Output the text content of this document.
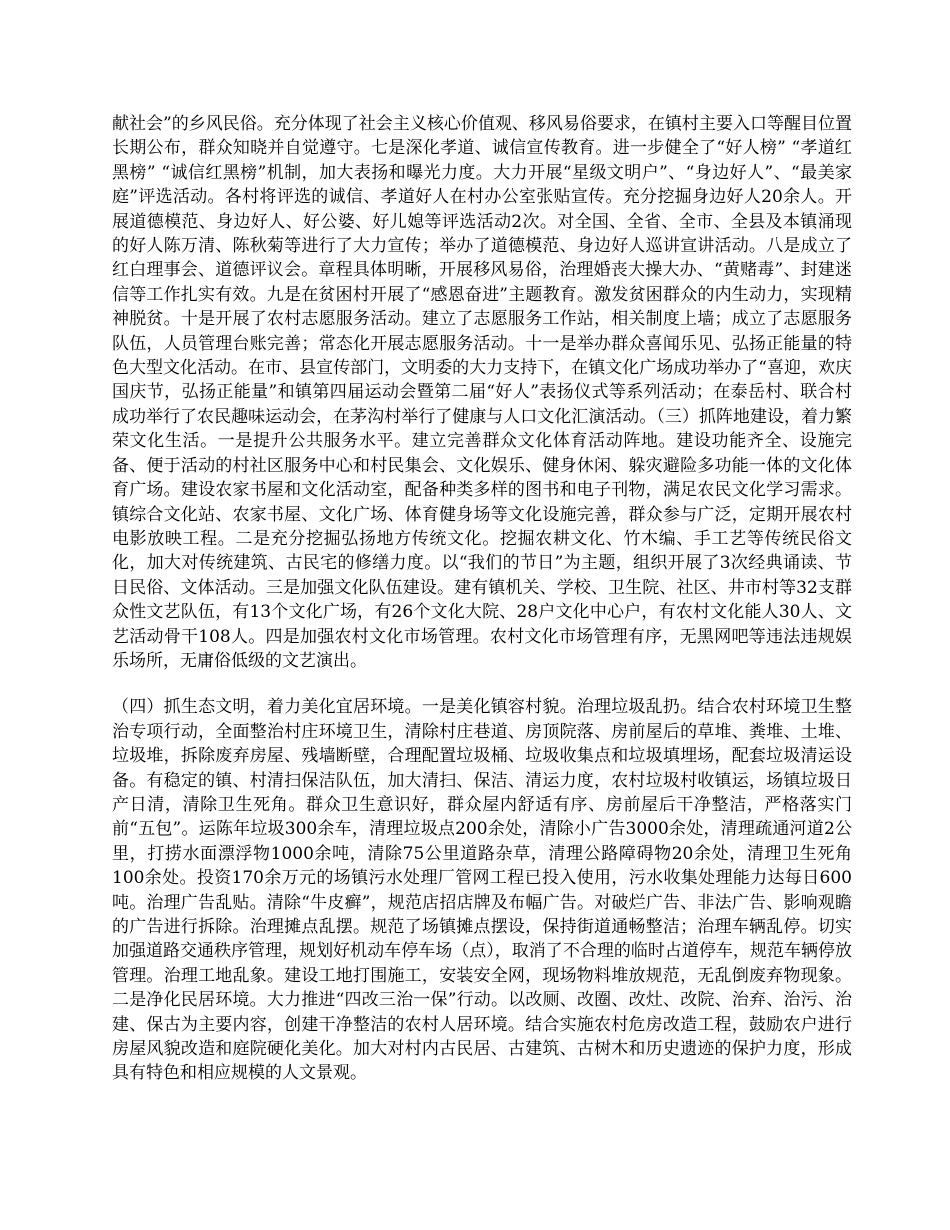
献社会”的乡风民俗。充分体现了社会主义核心价值观、移风易俗要求，在镇村主要入口等醒目位置长期公布，群众知晓并自觉遵守。七是深化孝道、诚信宣传教育。进一步健全了“好人榜” “孝道红黑榜” “诚信红黑榜”机制，加大表扬和曝光力度。大力开展“星级文明户”、“身边好人”、“最美家庭”评选活动。各村将评选的诚信、孝道好人在村办公室张贴宣传。充分挖掘身边好人20余人。开展道德模范、身边好人、好公婆、好儿媳等评选活动2次。对全国、全省、全市、全县及本镇涌现的好人陈万清、陈秋菊等进行了大力宣传；举办了道德模范、身边好人巡讲宣讲活动。八是成立了红白理事会、道德评议会。章程具体明晰，开展移风易俗，治理婚丧大操大办、“黄赌毒”、封建迷信等工作扎实有效。九是在贫困村开展了“感恩奋进”主题教育。激发贫困群众的内生动力，实现精神脱贫。十是开展了农村志愿服务活动。建立了志愿服务工作站，相关制度上墙；成立了志愿服务队伍，人员管理台账完善；常态化开展志愿服务活动。十一是举办群众喜闻乐见、弘扬正能量的特色大型文化活动。在市、县宣传部门，文明委的大力支持下，在镇文化广场成功举办了“喜迎，欢庆国庆节，弘扬正能量”和镇第四届运动会暨第二届“好人”表扬仪式等系列活动；在泰岳村、联合村成功举行了农民趣味运动会，在茅沟村举行了健康与人口文化汇演活动。（三）抓阵地建设，着力繁荣文化生活。一是提升公共服务水平。建立完善群众文化体育活动阵地。建设功能齐全、设施完备、便于活动的村社区服务中心和村民集会、文化娱乐、健身休闲、躲灾避险多功能一体的文化体育广场。建设农家书屋和文化活动室，配备种类多样的图书和电子刊物，满足农民文化学习需求。镇综合文化站、农家书屋、文化广场、体育健身场等文化设施完善，群众参与广泛，定期开展农村电影放映工程。二是充分挖掘弘扬地方传统文化。挖掘农耕文化、竹木编、手工艺等传统民俗文化，加大对传统建筑、古民宅的修缮力度。以“我们的节日”为主题，组织开展了3次经典诵读、节日民俗、文体活动。三是加强文化队伍建设。建有镇机关、学校、卫生院、社区、井市村等32支群众性文艺队伍，有13个文化广场，有26个文化大院、28户文化中心户，有农村文化能人30人、文艺活动骨干108人。四是加强农村文化市场管理。农村文化市场管理有序，无黑网吧等违法违规娱乐场所，无庸俗低级的文艺演出。

（四）抓生态文明，着力美化宜居环境。一是美化镇容村貌。治理垃圾乱扔。结合农村环境卫生整治专项行动，全面整治村庄环境卫生，清除村庄巷道、房顶院落、房前屋后的草堆、粪堆、土堆、垃圾堆，拆除废弃房屋、残墙断壁，合理配置垃圾桶、垃圾收集点和垃圾填埋场，配套垃圾清运设备。有稳定的镇、村清扫保洁队伍，加大清扫、保洁、清运力度，农村垃圾村收镇运，场镇垃圾日产日清，清除卫生死角。群众卫生意识好，群众屋内舒适有序、房前屋后干净整洁，严格落实门前“五包”。运陈年垃圾300余车，清理垃圾点200余处，清除小广告3000余处，清理疏通河道2公里，打捞水面漂浮物1000余吨，清除75公里道路杂草，清理公路障碍物20余处，清理卫生死角100余处。投资170余万元的场镇污水处理厂管网工程已投入使用，污水收集处理能力达每日600吨。治理广告乱贴。清除“牛皮癣”，规范店招店牌及布幅广告。对破烂广告、非法广告、影响观瞻的广告进行拆除。治理摊点乱摆。规范了场镇摊点摆设，保持街道通畅整洁；治理车辆乱停。切实加强道路交通秩序管理，规划好机动车停车场（点），取消了不合理的临时占道停车，规范车辆停放管理。治理工地乱象。建设工地打围施工，安装安全网，现场物料堆放规范，无乱倒废弃物现象。二是净化民居环境。大力推进“四改三治一保”行动。以改厕、改圈、改灶、改院、治弃、治污、治建、保古为主要内容，创建干净整洁的农村人居环境。结合实施农村危房改造工程，鼓励农户进行房屋风貌改造和庭院硬化美化。加大对村内古民居、古建筑、古树木和历史遗迹的保护力度，形成具有特色和相应规模的人文景观。
